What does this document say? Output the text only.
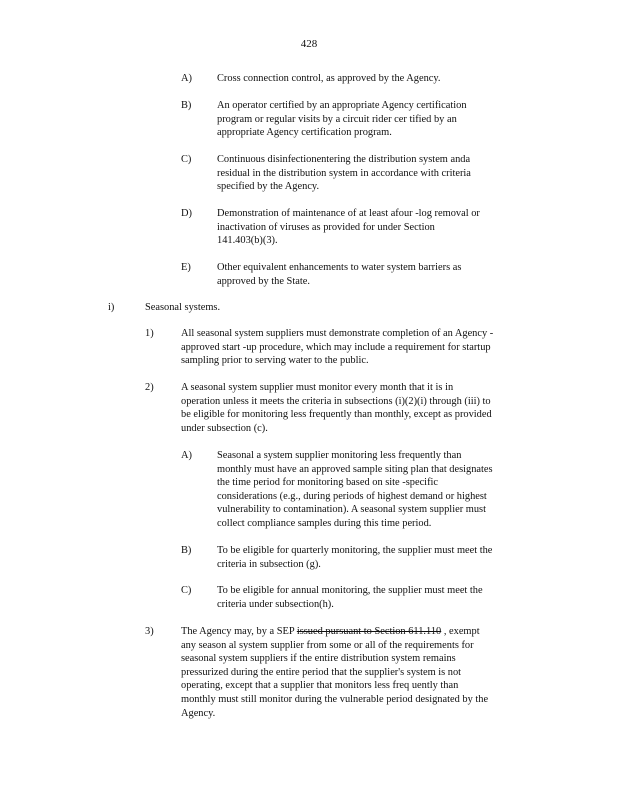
428
A) Cross connection control, as approved by the Agency.
B) An operator certified by an appropriate Agency certification
program or regular visits by a circuit rider cer tified by an
appropriate Agency certification program.
C) Continuous disinfectionentering the distribution system anda
residual in the distribution system in accordance with criteria
specified by the Agency.
D) Demonstration of maintenance of at least afour -log removal or
inactivation of viruses as provided for under Section
141.403(b)(3).
E)	Other equivalent enhancements to water system barriers as
approved by the State.
i)	Seasonal systems.
1)	All seasonal system suppliers must demonstrate completion of an Agency -
approved start -up procedure, which may include a requirement for startup
sampling prior to serving water to the public.
2)	A seasonal system supplier must monitor every month that it is in
operation unless it meets the criteria in subsections (i)(2)(i) through (iii) to
be eligible for monitoring less frequently than monthly, except as provided
under subsection (c).
A) Seasonal a system supplier monitoring less frequently than
monthly must have an approved sample siting plan that designates
the time period for monitoring based on site -specific
considerations (e.g., during periods of highest demand or highest
vulnerability to contamination). A seasonal system supplier must
collect compliance samples during this time period.
B) To be eligible for quarterly monitoring, the supplier must meet the
criteria in subsection (g).
C) To be eligible for annual monitoring, the supplier must meet the
criteria under subsection(h).
3)	The Agency may, by a SEP issued pursuant to Section 611.110 , exempt
any season al system supplier from some or all of the requirements for
seasonal system suppliers if the entire distribution system remains
pressurized during the entire period that the supplier's system is not
operating, except that a supplier that monitors less freq uently than
monthly must still monitor during the vulnerable period designated by the
Agency.
